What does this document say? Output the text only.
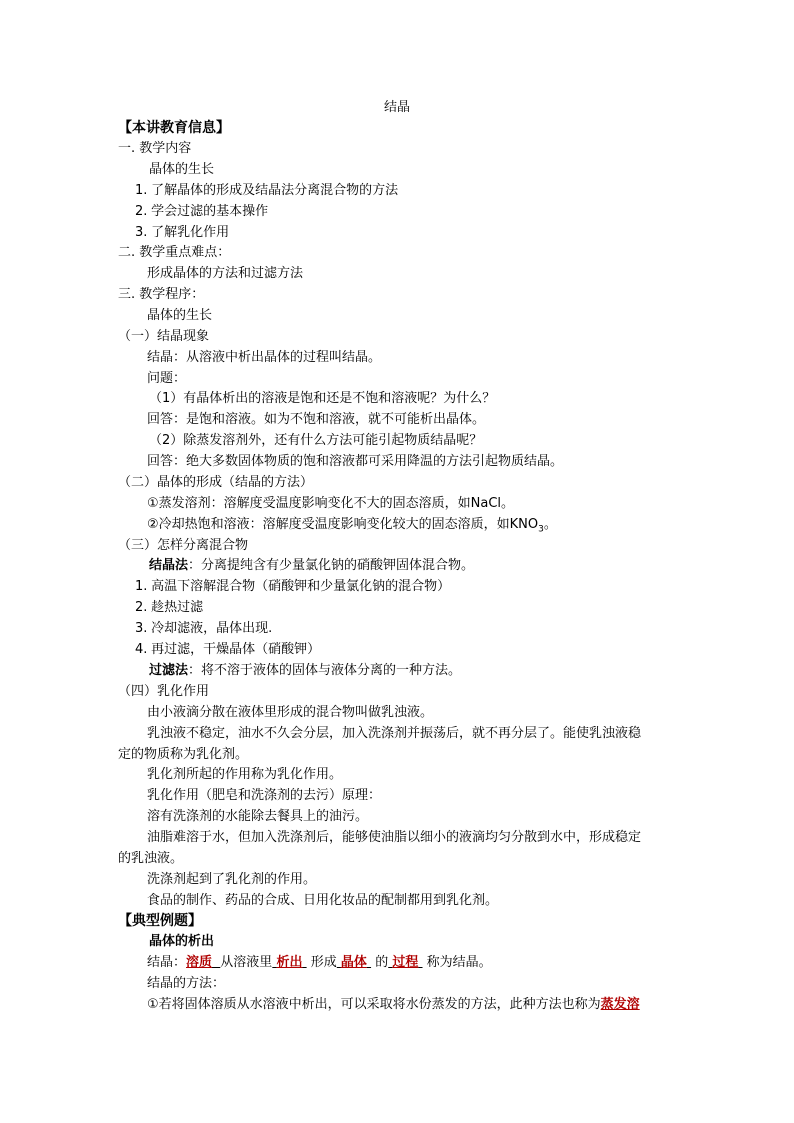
结晶
【本讲教育信息】
一. 教学内容
晶体的生长
1. 了解晶体的形成及结晶法分离混合物的方法
2. 学会过滤的基本操作
3. 了解乳化作用
二. 教学重点难点：
形成晶体的方法和过滤方法
三. 教学程序：
晶体的生长
（一）结晶现象
结晶：从溶液中析出晶体的过程叫结晶。
问题：
（1）有晶体析出的溶液是饱和还是不饱和溶液呢？为什么？
回答：是饱和溶液。如为不饱和溶液，就不可能析出晶体。
（2）除蒸发溶剂外，还有什么方法可能引起物质结晶呢？
回答：绝大多数固体物质的饱和溶液都可采用降温的方法引起物质结晶。
（二）晶体的形成（结晶的方法）
①蒸发溶剂：溶解度受温度影响变化不大的固态溶质，如NaCl。
②冷却热饱和溶液：溶解度受温度影响变化较大的固态溶质，如$KNO_3$。
（三）怎样分离混合物
结晶法：分离提纯含有少量氯化钠的硝酸钾固体混合物。
1. 高温下溶解混合物（硝酸钾和少量氯化钠的混合物）
2. 趁热过滤
3. 冷却滤液，晶体出现.
4. 再过滤，干燥晶体（硝酸钾）
过滤法：将不溶于液体的固体与液体分离的一种方法。
（四）乳化作用
由小液滴分散在液体里形成的混合物叫做乳浊液。
乳浊液不稳定，油水不久会分层，加入洗涤剂并振荡后，就不再分层了。能使乳浊液稳
定的物质称为乳化剂。
乳化剂所起的作用称为乳化作用。
乳化作用（肥皂和洗涤剂的去污）原理：
溶有洗涤剂的水能除去餐具上的油污。
油脂难溶于水，但加入洗涤剂后，能够使油脂以细小的液滴均匀分散到水中，形成稳定
的乳浊液。
洗涤剂起到了乳化剂的作用。
食品的制作、药品的合成、日用化妆品的配制都用到乳化剂。
【典型例题】
晶体的析出
结晶：溶质 从溶液里 析出 形成 晶体 的 过程 称为结晶。
结晶的方法：
①若将固体溶质从水溶液中析出，可以采取将水份蒸发的方法，此种方法也称为蒸发溶
